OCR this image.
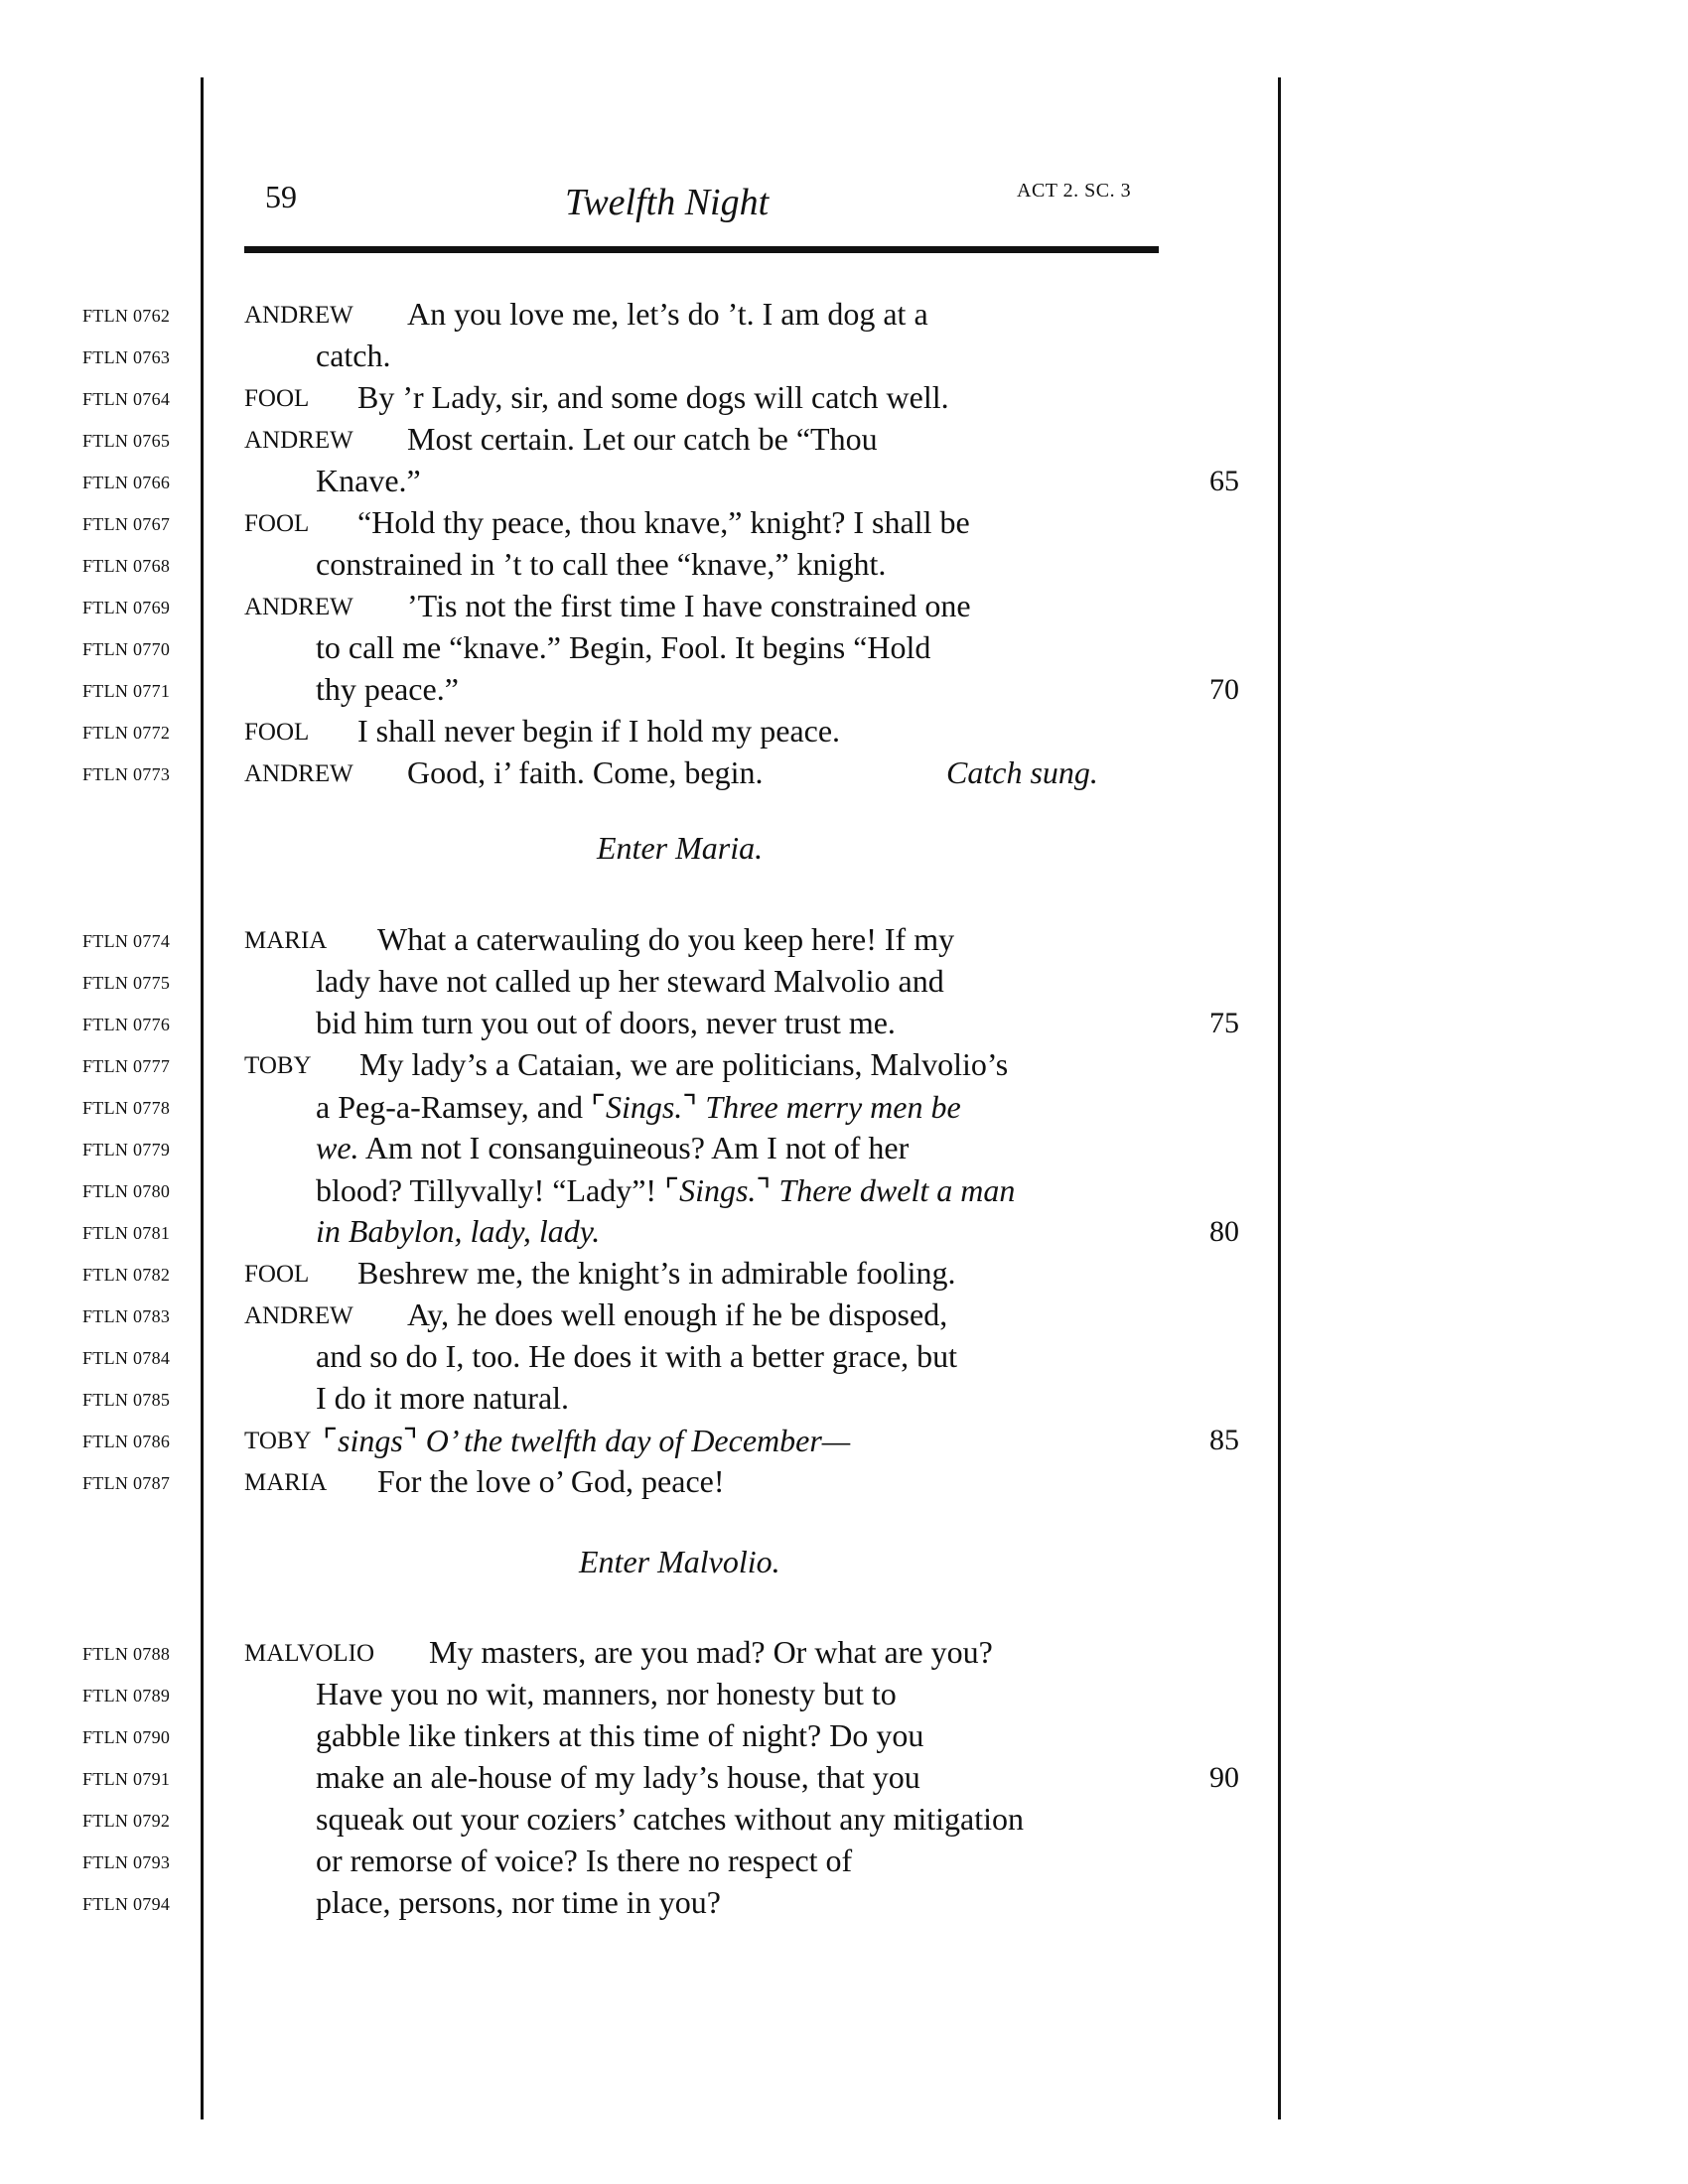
59	Twelfth Night	ACT 2. SC. 3
Enter Maria.
Enter Malvolio.
FTLN 0762	ANDREW An you love me, let’s do ’t. I am dog at a
FTLN 0763	catch.
FTLN 0764	FOOL By ’r Lady, sir, and some dogs will catch well.
FTLN 0765	ANDREW Most certain. Let our catch be “Thou
FTLN 0766	Knave.”	65
FTLN 0767	FOOL “Hold thy peace, thou knave,” knight? I shall be
FTLN 0768	constrained in ’t to call thee “knave,” knight.
FTLN 0769	ANDREW ’Tis not the first time I have constrained one
FTLN 0770	to call me “knave.” Begin, Fool. It begins “Hold
FTLN 0771	thy peace.”	70
FTLN 0772	FOOL I shall never begin if I hold my peace.
FTLN 0773	ANDREW Good, i’ faith. Come, begin.	Catch sung.
FTLN 0774	MARIA What a caterwauling do you keep here! If my
FTLN 0775	lady have not called up her steward Malvolio and
FTLN 0776	bid him turn you out of doors, never trust me.	75
FTLN 0777	TOBY My lady’s a Cataian, we are politicians, Malvolio’s
FTLN 0778	a Peg-a-Ramsey, and ⌜Sings.⌝ Three merry men be
FTLN 0779	we. Am not I consanguineous? Am I not of her
FTLN 0780	blood? Tillyvally! “Lady”! ⌜Sings.⌝ There dwelt a man
FTLN 0781	in Babylon, lady, lady.	80
FTLN 0782	FOOL Beshrew me, the knight’s in admirable fooling.
FTLN 0783	ANDREW Ay, he does well enough if he be disposed,
FTLN 0784	and so do I, too. He does it with a better grace, but
FTLN 0785	I do it more natural.
FTLN 0786	TOBY ⌜sings⌝ O’ the twelfth day of December—	85
FTLN 0787	MARIA For the love o’ God, peace!
FTLN 0788	MALVOLIO My masters, are you mad? Or what are you?
FTLN 0789	Have you no wit, manners, nor honesty but to
FTLN 0790	gabble like tinkers at this time of night? Do you
FTLN 0791	make an ale-house of my lady’s house, that you	90
FTLN 0792	squeak out your coziers’ catches without any mitigation
FTLN 0793	or remorse of voice? Is there no respect of
FTLN 0794	place, persons, nor time in you?
